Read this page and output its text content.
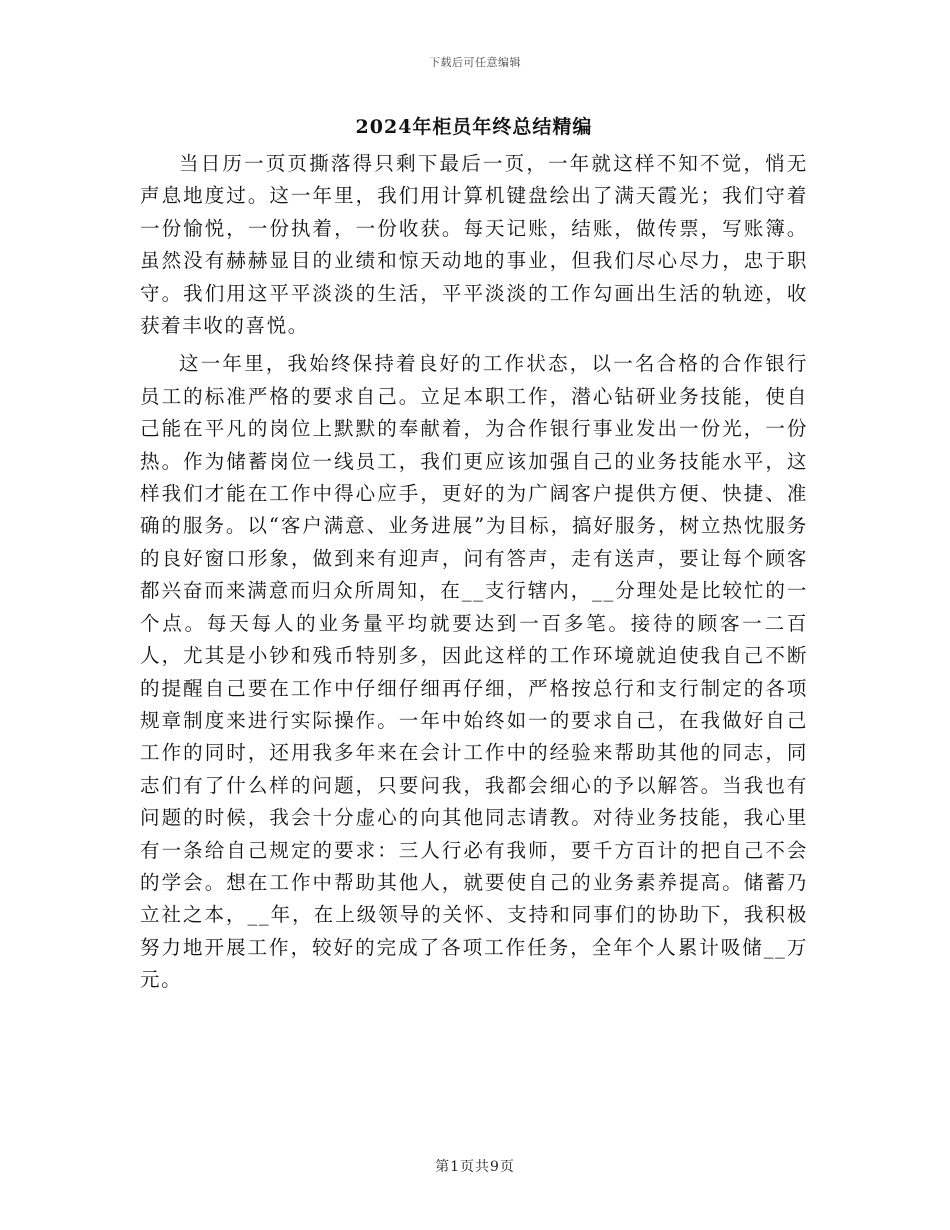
下载后可任意编辑
2024年柜员年终总结精编

当日历一页页撕落得只剩下最后一页，一年就这样不知不觉，悄无声息地度过。这一年里，我们用计算机键盘绘出了满天霞光；我们守着一份愉悦，一份执着，一份收获。每天记账，结账，做传票，写账簿。虽然没有赫赫显目的业绩和惊天动地的事业，但我们尽心尽力，忠于职守。我们用这平平淡淡的生活，平平淡淡的工作勾画出生活的轨迹，收获着丰收的喜悦。

这一年里，我始终保持着良好的工作状态，以一名合格的合作银行员工的标准严格的要求自己。立足本职工作，潜心钻研业务技能，使自己能在平凡的岗位上默默的奉献着，为合作银行事业发出一份光，一份热。作为储蓄岗位一线员工，我们更应该加强自己的业务技能水平，这样我们才能在工作中得心应手，更好的为广阔客户提供方便、快捷、准确的服务。以“客户满意、业务进展”为目标，搞好服务，树立热忱服务的良好窗口形象，做到来有迎声，问有答声，走有送声，要让每个顾客都兴奋而来满意而归众所周知，在__支行辖内，__分理处是比较忙的一个点。每天每人的业务量平均就要达到一百多笔。接待的顾客一二百人，尤其是小钞和残币特别多，因此这样的工作环境就迫使我自己不断的提醒自己要在工作中仔细仔细再仔细，严格按总行和支行制定的各项规章制度来进行实际操作。一年中始终如一的要求自己，在我做好自己工作的同时，还用我多年来在会计工作中的经验来帮助其他的同志，同志们有了什么样的问题，只要问我，我都会细心的予以解答。当我也有问题的时候，我会十分虚心的向其他同志请教。对待业务技能，我心里有一条给自己规定的要求：三人行必有我师，要千方百计的把自己不会的学会。想在工作中帮助其他人，就要使自己的业务素养提高。储蓄乃立社之本，__年，在上级领导的关怀、支持和同事们的协助下，我积极努力地开展工作，较好的完成了各项工作任务，全年个人累计吸储__万元。

第1页共9页
